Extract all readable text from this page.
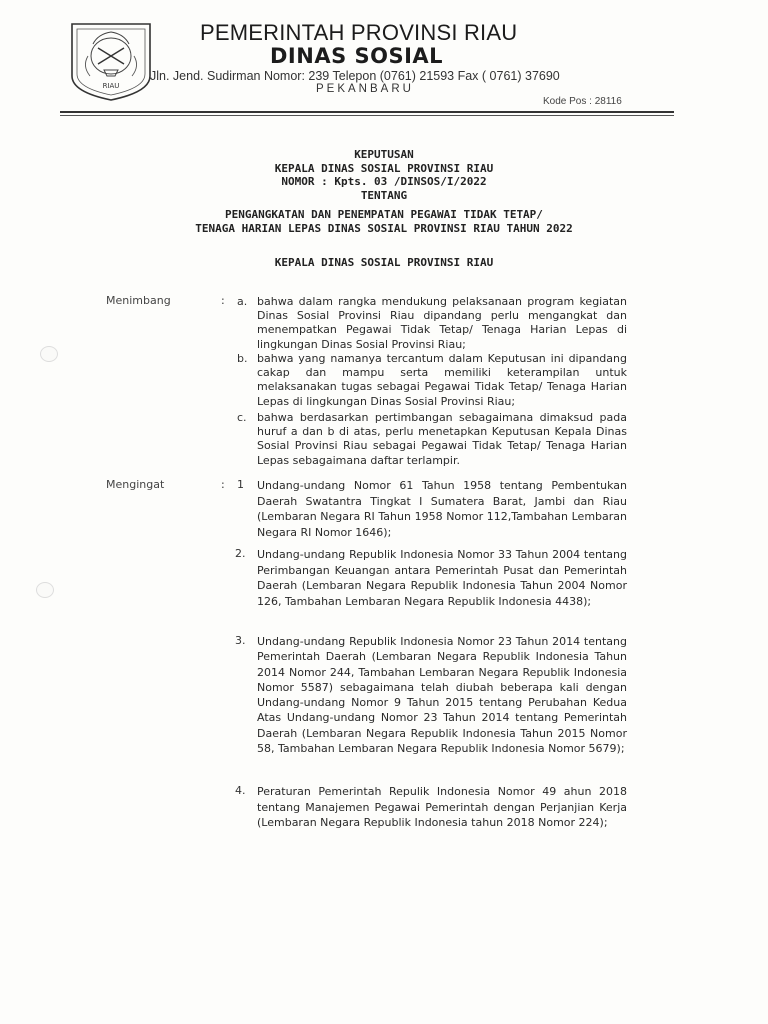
RIAU
PEMERINTAH PROVINSI RIAU
DINAS SOSIAL
Jln. Jend. Sudirman Nomor: 239 Telepon (0761) 21593 Fax ( 0761) 37690
PEKANBARU
Kode Pos : 28116
KEPUTUSAN
KEPALA DINAS SOSIAL PROVINSI RIAU
NOMOR : Kpts. 03 /DINSOS/I/2022
TENTANG
PENGANGKATAN DAN PENEMPATAN PEGAWAI TIDAK TETAP/
TENAGA HARIAN LEPAS DINAS SOSIAL PROVINSI RIAU TAHUN 2022
KEPALA DINAS SOSIAL PROVINSI RIAU
Menimbang	: a. bahwa dalam rangka mendukung pelaksanaan program kegiatan Dinas Sosial Provinsi Riau dipandang perlu mengangkat dan menempatkan Pegawai Tidak Tetap/ Tenaga Harian Lepas di lingkungan Dinas Sosial Provinsi Riau;
b. bahwa yang namanya tercantum dalam Keputusan ini dipandang cakap dan mampu serta memiliki keterampilan untuk melaksanakan tugas sebagai Pegawai Tidak Tetap/ Tenaga Harian Lepas di lingkungan Dinas Sosial Provinsi Riau;
c. bahwa berdasarkan pertimbangan sebagaimana dimaksud pada huruf a dan b di atas, perlu menetapkan Keputusan Kepala Dinas Sosial Provinsi Riau sebagai Pegawai Tidak Tetap/ Tenaga Harian Lepas sebagaimana daftar terlampir.
Mengingat	: 1 Undang-undang Nomor 61 Tahun 1958 tentang Pembentukan Daerah Swatantra Tingkat I Sumatera Barat, Jambi dan Riau (Lembaran Negara RI Tahun 1958 Nomor 112,Tambahan Lembaran Negara RI Nomor 1646);
2. Undang-undang Republik Indonesia Nomor 33 Tahun 2004 tentang Perimbangan Keuangan antara Pemerintah Pusat dan Pemerintah Daerah (Lembaran Negara Republik Indonesia Tahun 2004 Nomor 126, Tambahan Lembaran Negara Republik Indonesia 4438);
3. Undang-undang Republik Indonesia Nomor 23 Tahun 2014 tentang Pemerintah Daerah (Lembaran Negara Republik Indonesia Tahun 2014 Nomor 244, Tambahan Lembaran Negara Republik Indonesia Nomor 5587) sebagaimana telah diubah beberapa kali dengan Undang-undang Nomor 9 Tahun 2015 tentang Perubahan Kedua Atas Undang-undang Nomor 23 Tahun 2014 tentang Pemerintah Daerah (Lembaran Negara Republik Indonesia Tahun 2015 Nomor 58, Tambahan Lembaran Negara Republik Indonesia Nomor 5679);
4. Peraturan Pemerintah Repulik Indonesia Nomor 49 ahun 2018 tentang Manajemen Pegawai Pemerintah dengan Perjanjian Kerja (Lembaran Negara Republik Indonesia tahun 2018 Nomor 224);
